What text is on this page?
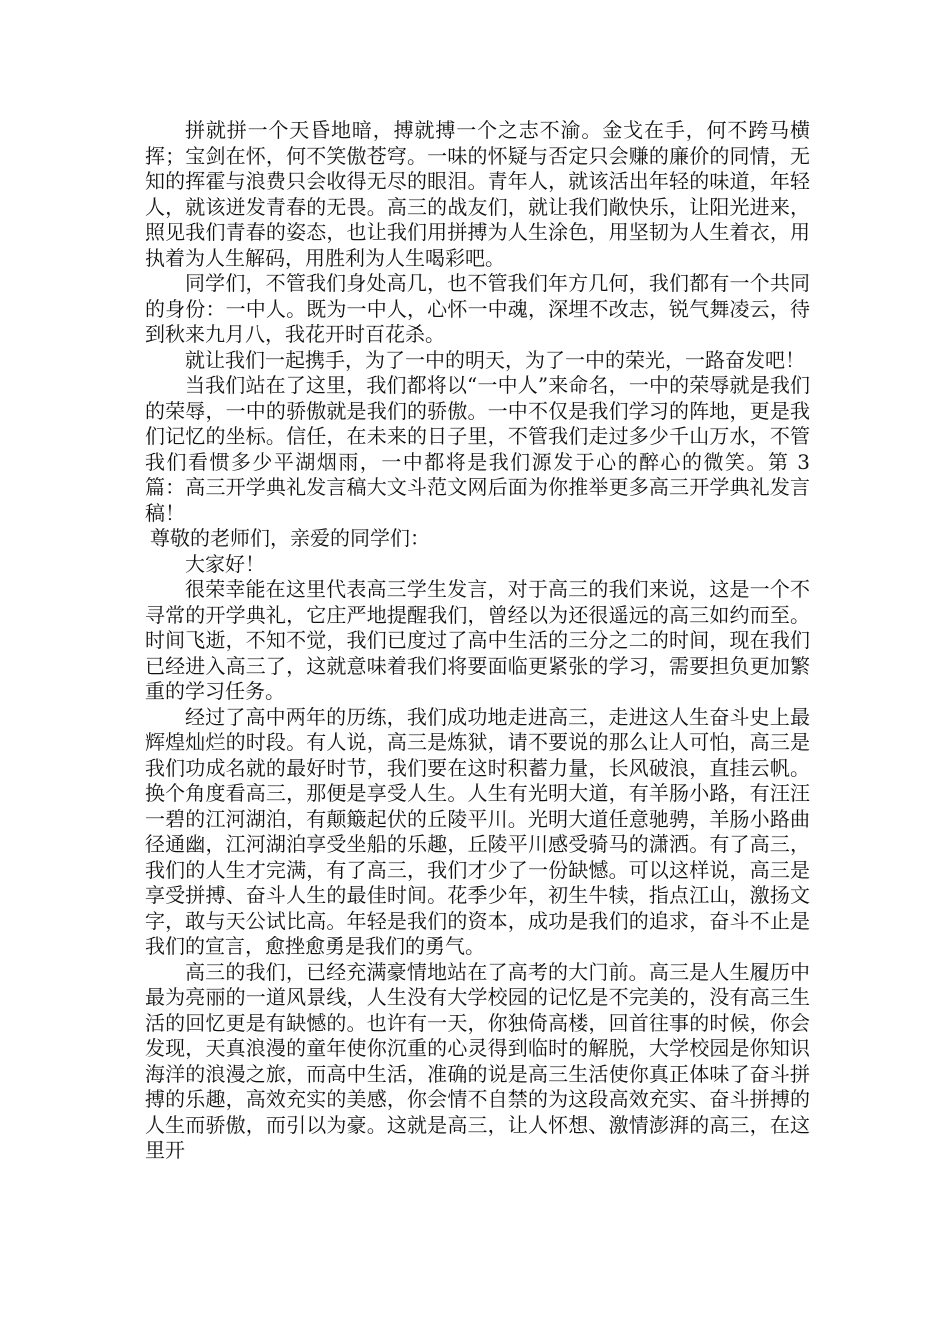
拼就拼一个天昏地暗，搏就搏一个之志不渝。金戈在手，何不跨马横挥；宝剑在怀，何不笑傲苍穹。一味的怀疑与否定只会赚的廉价的同情，无知的挥霍与浪费只会收得无尽的眼泪。青年人，就该活出年轻的味道，年轻人，就该迸发青春的无畏。高三的战友们，就让我们敞快乐，让阳光进来，照见我们青春的姿态，也让我们用拼搏为人生涂色，用坚韧为人生着衣，用执着为人生解码，用胜利为人生喝彩吧。

同学们，不管我们身处高几，也不管我们年方几何，我们都有一个共同的身份：一中人。既为一中人，心怀一中魂，深埋不改志，锐气舞凌云，待到秋来九月八，我花开时百花杀。

就让我们一起携手，为了一中的明天，为了一中的荣光，一路奋发吧！

当我们站在了这里，我们都将以“一中人”来命名，一中的荣辱就是我们的荣辱，一中的骄傲就是我们的骄傲。一中不仅是我们学习的阵地，更是我们记忆的坐标。信任，在未来的日子里，不管我们走过多少千山万水，不管我们看惯多少平湖烟雨，一中都将是我们源发于心的醉心的微笑。第 3 篇：高三开学典礼发言稿大文斗范文网后面为你推举更多高三开学典礼发言稿！

尊敬的老师们，亲爱的同学们：

大家好！

很荣幸能在这里代表高三学生发言，对于高三的我们来说，这是一个不寻常的开学典礼，它庄严地提醒我们，曾经以为还很遥远的高三如约而至。时间飞逝，不知不觉，我们已度过了高中生活的三分之二的时间，现在我们已经进入高三了，这就意味着我们将要面临更紧张的学习，需要担负更加繁重的学习任务。

经过了高中两年的历练，我们成功地走进高三，走进这人生奋斗史上最辉煌灿烂的时段。有人说，高三是炼狱，请不要说的那么让人可怕，高三是我们功成名就的最好时节，我们要在这时积蓄力量，长风破浪，直挂云帆。换个角度看高三，那便是享受人生。人生有光明大道，有羊肠小路，有汪汪一碧的江河湖泊，有颠簸起伏的丘陵平川。光明大道任意驰骋，羊肠小路曲径通幽，江河湖泊享受坐船的乐趣，丘陵平川感受骑马的潇洒。有了高三，我们的人生才完满，有了高三，我们才少了一份缺憾。可以这样说，高三是享受拼搏、奋斗人生的最佳时间。花季少年，初生牛犊，指点江山，激扬文字，敢与天公试比高。年轻是我们的资本，成功是我们的追求，奋斗不止是我们的宣言，愈挫愈勇是我们的勇气。

高三的我们，已经充满豪情地站在了高考的大门前。高三是人生履历中最为亮丽的一道风景线，人生没有大学校园的记忆是不完美的，没有高三生活的回忆更是有缺憾的。也许有一天，你独倚高楼，回首往事的时候，你会发现，天真浪漫的童年使你沉重的心灵得到临时的解脱，大学校园是你知识海洋的浪漫之旅，而高中生活，准确的说是高三生活使你真正体味了奋斗拼搏的乐趣，高效充实的美感，你会情不自禁的为这段高效充实、奋斗拼搏的人生而骄傲，而引以为豪。这就是高三，让人怀想、激情澎湃的高三，在这里开
